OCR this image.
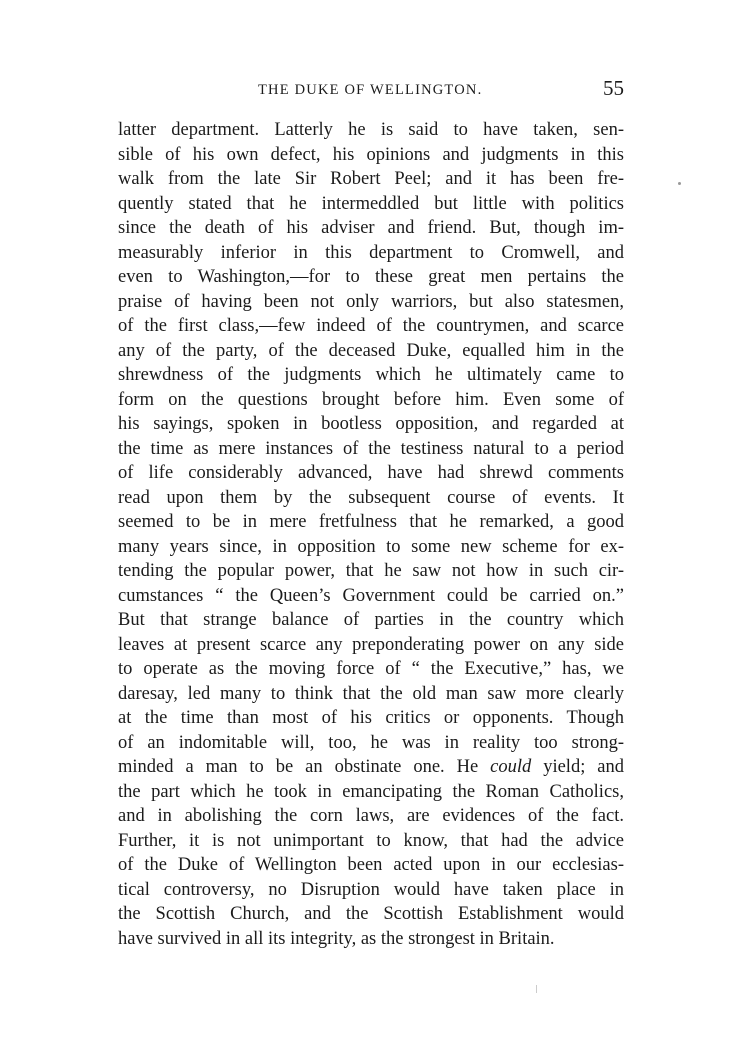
THE DUKE OF WELLINGTON.	55
latter department. Latterly he is said to have taken, sen-
sible of his own defect, his opinions and judgments in this
walk from the late Sir Robert Peel; and it has been fre-
quently stated that he intermeddled but little with politics
since the death of his adviser and friend. But, though im-
measurably inferior in this department to Cromwell, and
even to Washington,—for to these great men pertains the
praise of having been not only warriors, but also statesmen,
of the first class,—few indeed of the countrymen, and scarce
any of the party, of the deceased Duke, equalled him in the
shrewdness of the judgments which he ultimately came to
form on the questions brought before him. Even some of
his sayings, spoken in bootless opposition, and regarded at
the time as mere instances of the testiness natural to a period
of life considerably advanced, have had shrewd comments
read upon them by the subsequent course of events. It
seemed to be in mere fretfulness that he remarked, a good
many years since, in opposition to some new scheme for ex-
tending the popular power, that he saw not how in such cir-
cumstances “ the Queen’s Government could be carried on.”
But that strange balance of parties in the country which
leaves at present scarce any preponderating power on any side
to operate as the moving force of “ the Executive,” has, we
daresay, led many to think that the old man saw more clearly
at the time than most of his critics or opponents. Though
of an indomitable will, too, he was in reality too strong-
minded a man to be an obstinate one. He could yield; and
the part which he took in emancipating the Roman Catholics,
and in abolishing the corn laws, are evidences of the fact.
Further, it is not unimportant to know, that had the advice
of the Duke of Wellington been acted upon in our ecclesias-
tical controversy, no Disruption would have taken place in
the Scottish Church, and the Scottish Establishment would
have survived in all its integrity, as the strongest in Britain.
